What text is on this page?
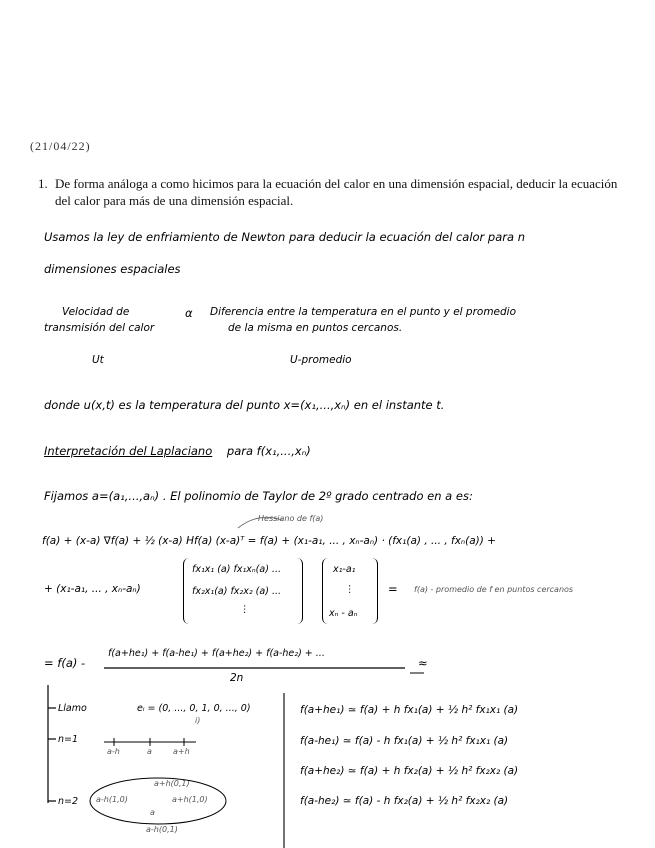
(21/04/22)
1. De forma análoga a como hicimos para la ecuación del calor en una dimensión espacial, deducir la ecuación del calor para más de una dimensión espacial.
Usamos la ley de enfriamiento de Newton para deducir la ecuación del calor para n
dimensiones espaciales
Velocidad de
transmisión del calor
α Diferencia entre la temperatura en el punto y el promedio
de la misma en puntos cercanos.
Ut	U-promedio
donde u(x,t) es la temperatura del punto x=(x₁,...,xₙ) en el instante t.
Interpretación del Laplaciano para f(x₁,...,xₙ)
Fijamos a=(a₁,...,aₙ) . El polinomio de Taylor de 2º grado centrado en a es:
Hessiano de f(a)
f(a) + (x-a) ∇f(a) + ½ (x-a) Hf(a) (x-a)ᵀ = f(a) + (x₁-a₁, ... , xₙ-aₙ) · (fx₁(a) , ... , fxₙ(a)) +
+ (x₁-a₁, ... , xₙ-aₙ)
fx₁x₁ (a) fx₁xₙ(a) ...
fx₂x₁(a) fx₂x₂ (a) ...
⋮
x₁-a₁
⋮
xₙ - aₙ
= f(a) - promedio de f en puntos cercanos
= f(a) -
f(a+he₁) + f(a-he₁) + f(a+he₂) + f(a-he₂) + ...
2n
≈
Llamo	eᵢ = (0, ..., 0, 1, 0, ..., 0)
i)
n=1
a-h	a	a+h
n=2
a+h(0,1)
a+h(1,0)
a-h(1,0)
a
a-h(0,1)
f(a+he₁) ≃ f(a) + h fx₁(a) + ½ h² fx₁x₁ (a)
f(a-he₁) ≃ f(a) - h fx₁(a) + ½ h² fx₁x₁ (a)
f(a+he₂) ≃ f(a) + h fx₂(a) + ½ h² fx₂x₂ (a)
f(a-he₂) ≃ f(a) - h fx₂(a) + ½ h² fx₂x₂ (a)
